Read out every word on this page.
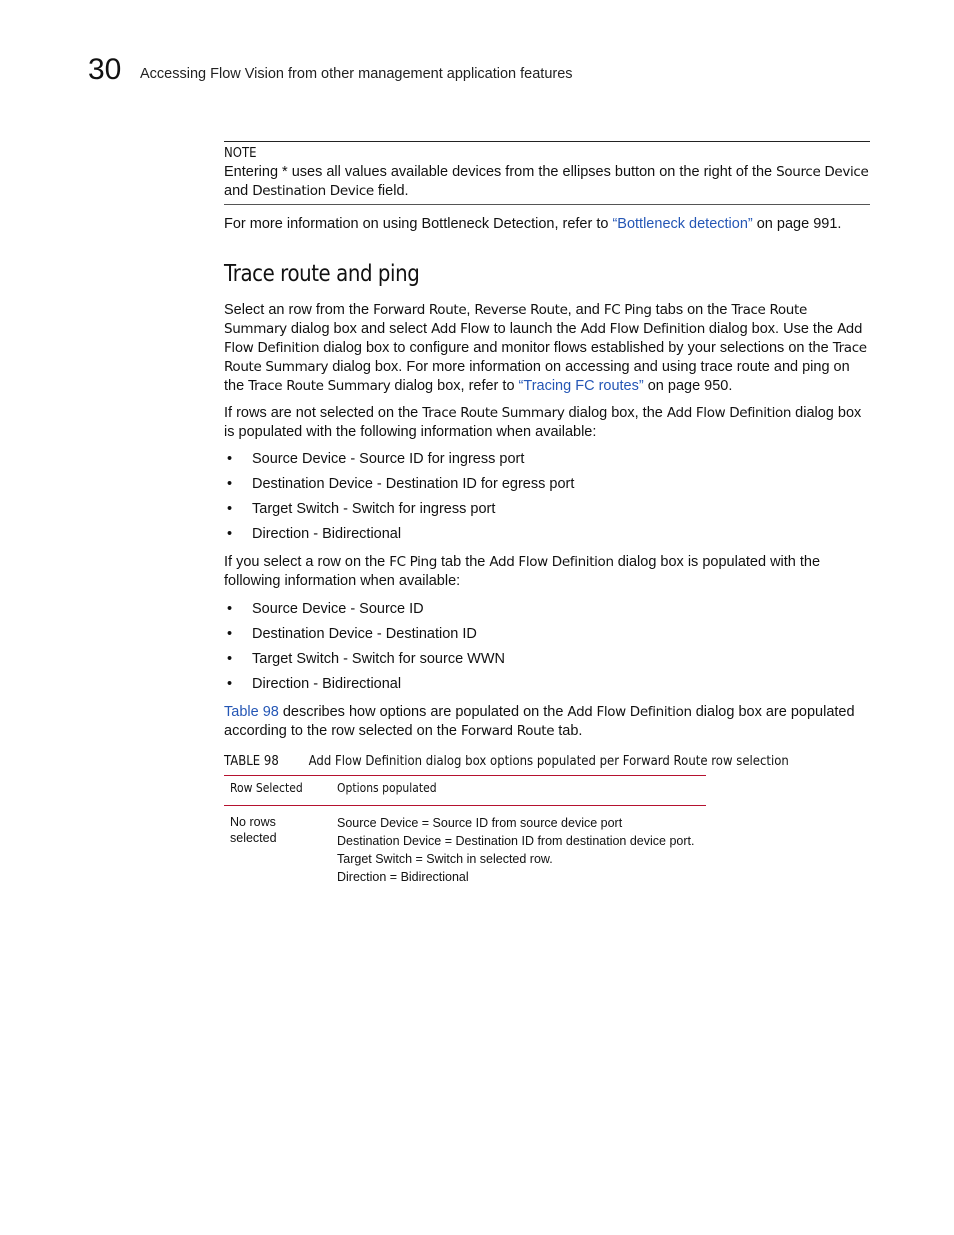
30 Accessing Flow Vision from other management application features
NOTE

Entering * uses all values available devices from the ellipses button on the right of the Source Device and Destination Device field.

For more information on using Bottleneck Detection, refer to “Bottleneck detection” on page 991.

Trace route and ping

Select an row from the Forward Route, Reverse Route, and FC Ping tabs on the Trace Route Summary dialog box and select Add Flow to launch the Add Flow Definition dialog box. Use the Add Flow Definition dialog box to configure and monitor flows established by your selections on the Trace Route Summary dialog box. For more information on accessing and using trace route and ping on the Trace Route Summary dialog box, refer to “Tracing FC routes” on page 950.

If rows are not selected on the Trace Route Summary dialog box, the Add Flow Definition dialog box is populated with the following information when available:

• Source Device - Source ID for ingress port
• Destination Device - Destination ID for egress port
• Target Switch - Switch for ingress port
• Direction - Bidirectional

If you select a row on the FC Ping tab the Add Flow Definition dialog box is populated with the following information when available:

• Source Device - Source ID
• Destination Device - Destination ID
• Target Switch - Switch for source WWN
• Direction - Bidirectional

Table 98 describes how options are populated on the Add Flow Definition dialog box are populated according to the row selected on the Forward Route tab.

TABLE 98 Add Flow Definition dialog box options populated per Forward Route row selection
Row Selected	Options populated
No rows selected
Source Device = Source ID from source device port
Destination Device = Destination ID from destination device port.
Target Switch = Switch in selected row.
Direction = Bidirectional
